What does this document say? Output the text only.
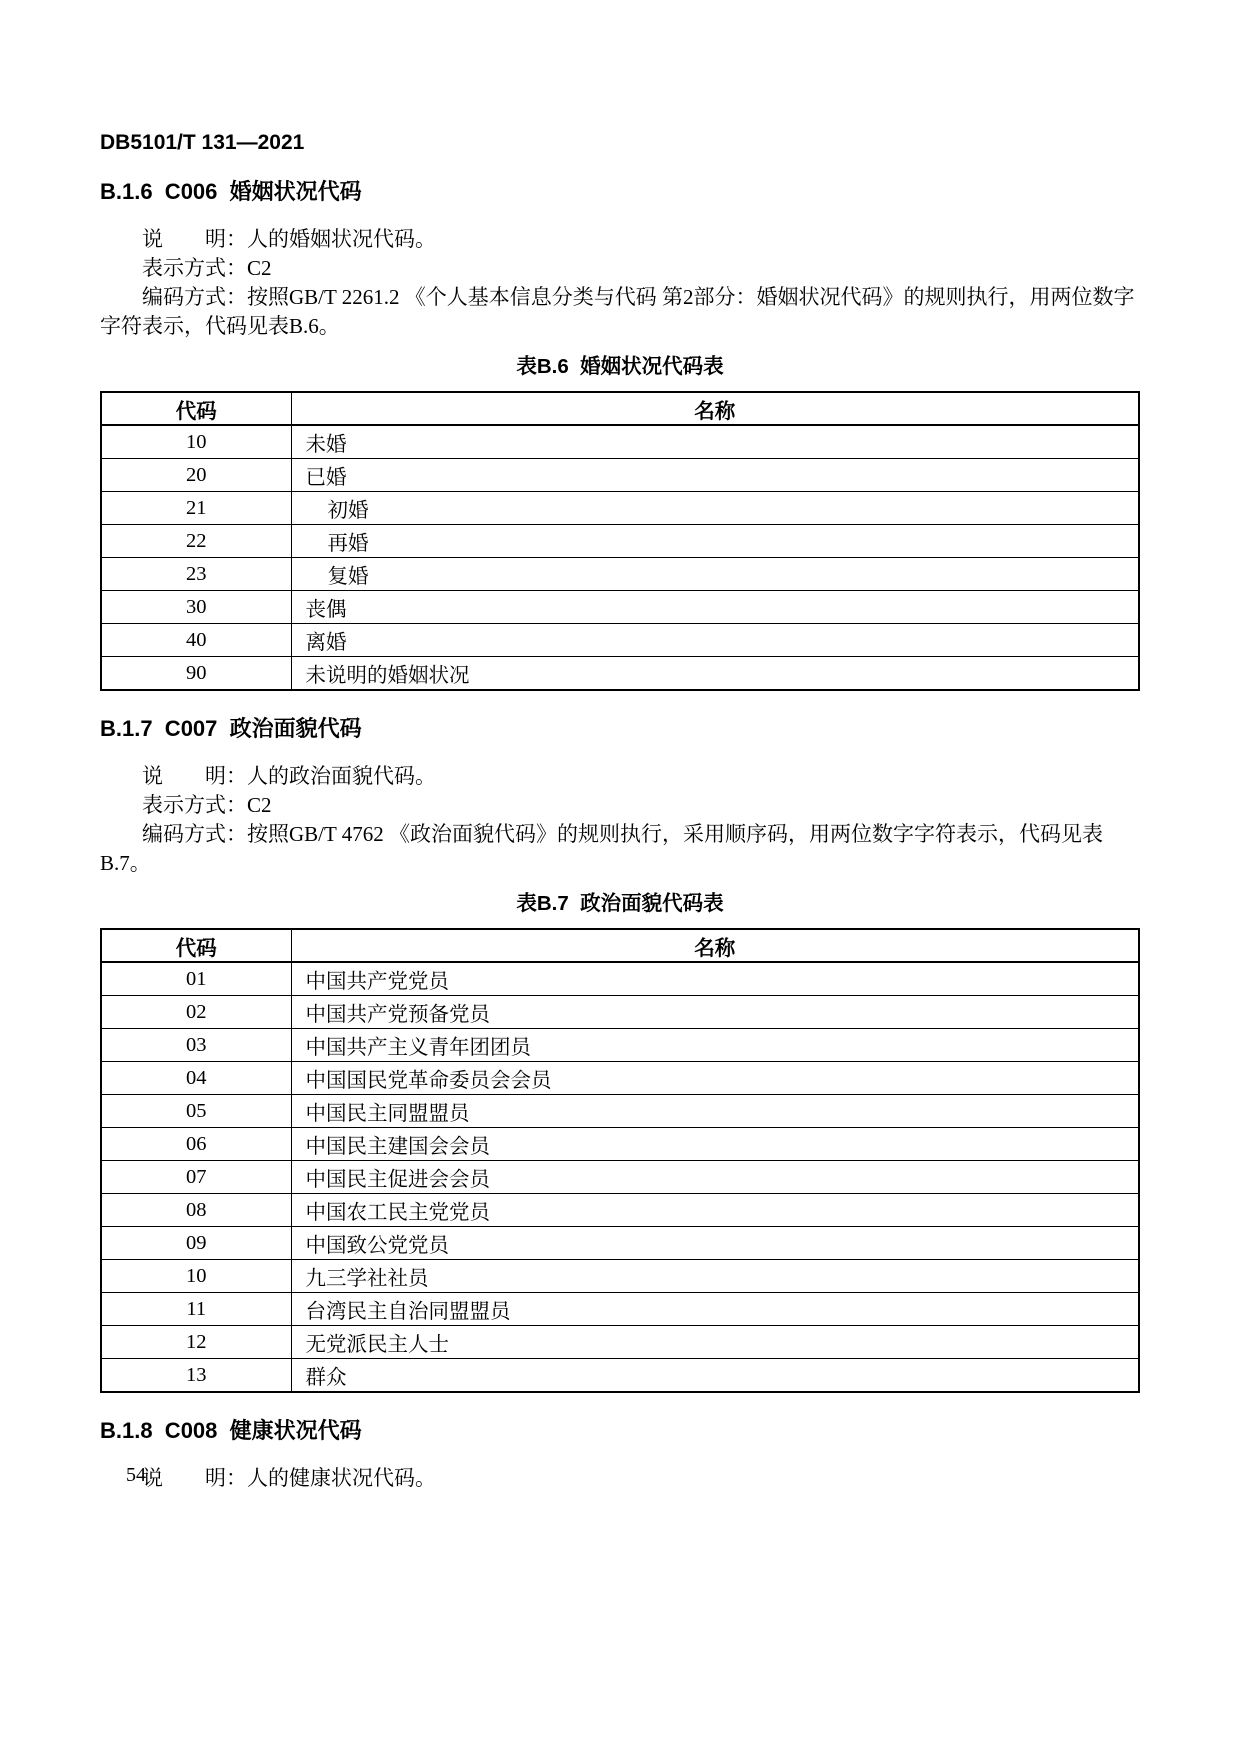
DB5101/T 131—2021
B.1.6  C006  婚姻状况代码

说　　明：人的婚姻状况代码。

表示方式：C2

编码方式：按照GB/T 2261.2 《个人基本信息分类与代码 第2部分：婚姻状况代码》的规则执行，用两位数字字符表示，代码见表B.6。

表B.6  婚姻状况代码表
代码	名称
10	未婚
20	已婚
21	初婚
22	再婚
23	复婚
30	丧偶
40	离婚
90	未说明的婚姻状况
B.1.7  C007  政治面貌代码

说　　明：人的政治面貌代码。

表示方式：C2

编码方式：按照GB/T 4762 《政治面貌代码》的规则执行，采用顺序码，用两位数字字符表示，代码见表B.7。

表B.7  政治面貌代码表
代码	名称
01	中国共产党党员
02	中国共产党预备党员
03	中国共产主义青年团团员
04	中国国民党革命委员会会员
05	中国民主同盟盟员
06	中国民主建国会会员
07	中国民主促进会会员
08	中国农工民主党党员
09	中国致公党党员
10	九三学社社员
11	台湾民主自治同盟盟员
12	无党派民主人士
13	群众
B.1.8  C008  健康状况代码

说　　明：人的健康状况代码。

54
